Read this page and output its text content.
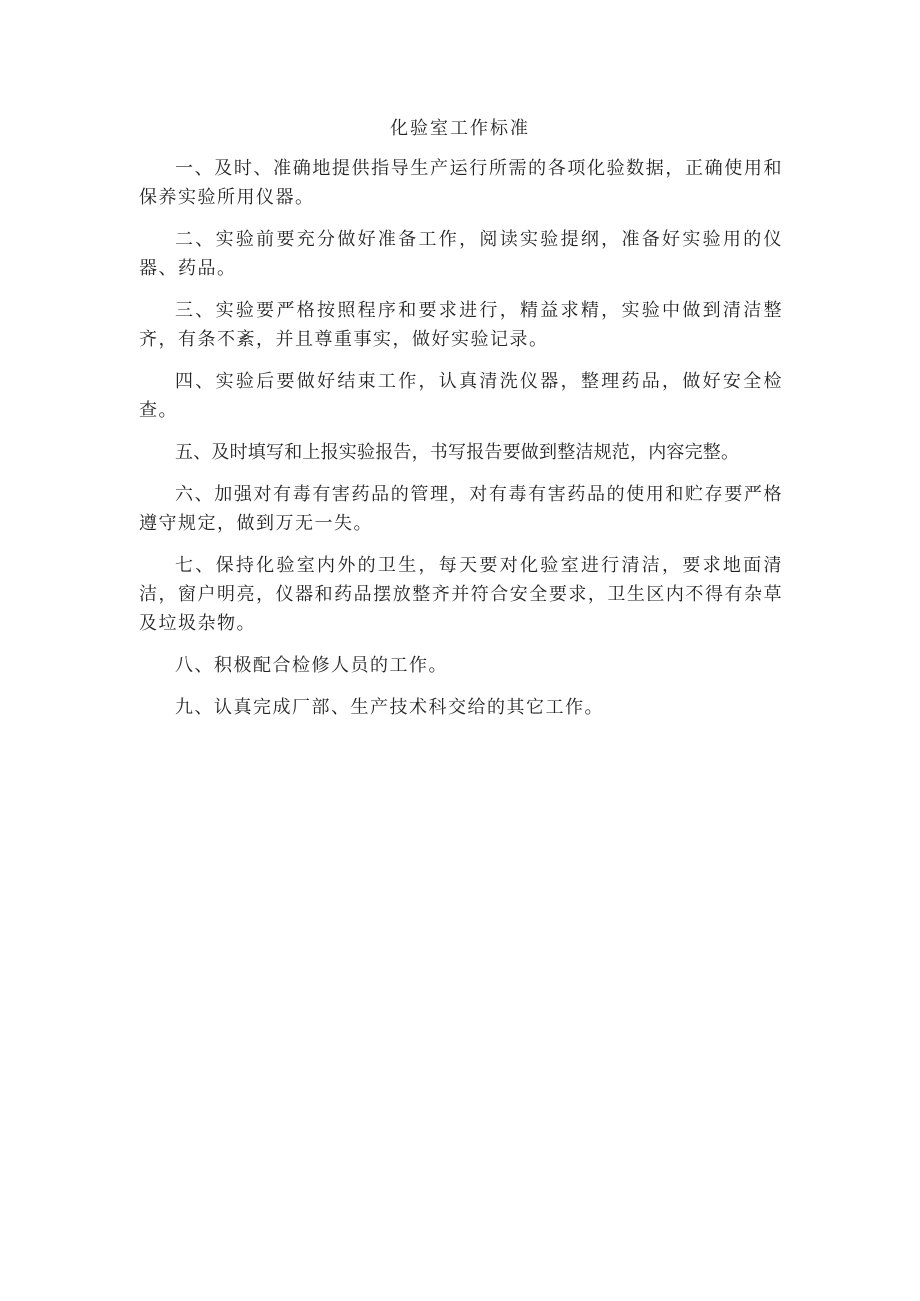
化验室工作标准

一、及时、准确地提供指导生产运行所需的各项化验数据，正确使用和保养实验所用仪器。

二、实验前要充分做好准备工作，阅读实验提纲，准备好实验用的仪器、药品。

三、实验要严格按照程序和要求进行，精益求精，实验中做到清洁整齐，有条不紊，并且尊重事实，做好实验记录。

四、实验后要做好结束工作，认真清洗仪器，整理药品，做好安全检查。

五、及时填写和上报实验报告，书写报告要做到整洁规范，内容完整。

六、加强对有毒有害药品的管理，对有毒有害药品的使用和贮存要严格遵守规定，做到万无一失。

七、保持化验室内外的卫生，每天要对化验室进行清洁，要求地面清洁，窗户明亮，仪器和药品摆放整齐并符合安全要求，卫生区内不得有杂草及垃圾杂物。

八、积极配合检修人员的工作。

九、认真完成厂部、生产技术科交给的其它工作。
